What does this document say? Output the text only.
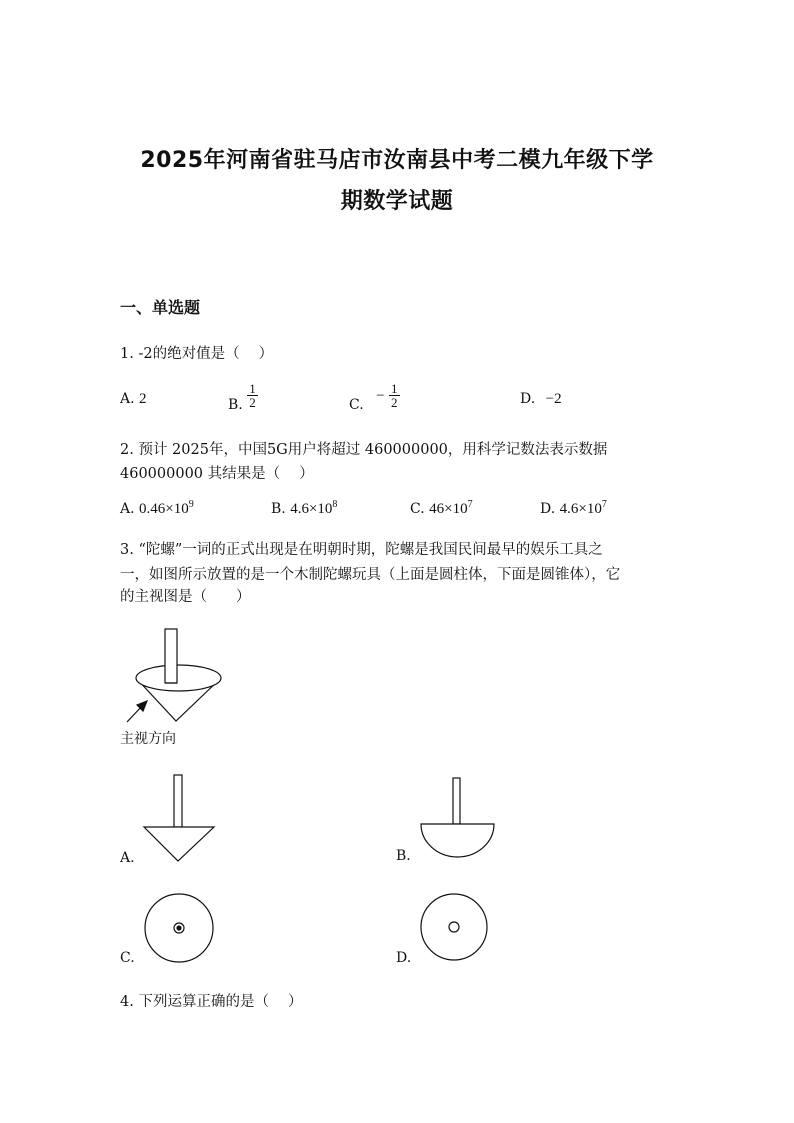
2025年河南省驻马店市汝南县中考二模九年级下学
期数学试题
一、单选题
1. -2的绝对值是（　 ）
A. 2	B. $\frac{1}{2}$	C. − $\frac{1}{2}$	D. −2
2. 预计 2025年，中国5G用户将超过 460000000，用科学记数法表示数据
460000000 其结果是（　 ）
A. $0.46\times 10^9$	B. $4.6\times 10^8$	C. $46\times 10^7$	D. $4.6\times 10^7$
3. “陀螺”一词的正式出现是在明朝时期，陀螺是我国民间最早的娱乐工具之
一，如图所示放置的是一个木制陀螺玩具（上面是圆柱体，下面是圆锥体），它
的主视图是（　　）
主视方向
A.	B.
C.	D.
4. 下列运算正确的是（　 ）
